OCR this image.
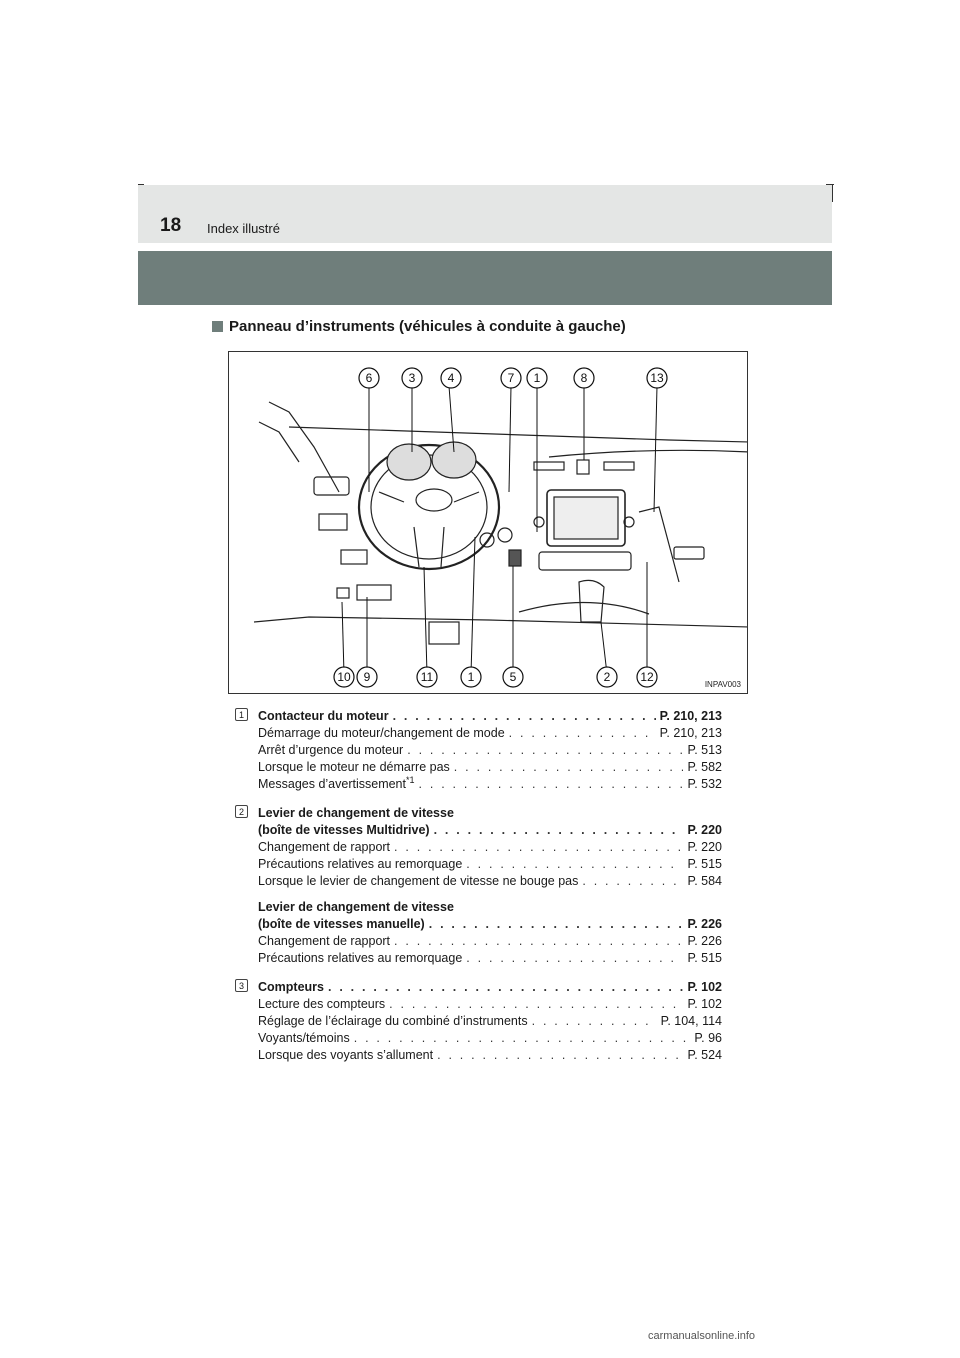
18 Index illustré
Panneau d’instruments (véhicules à conduite à gauche)
6	3	4	7 1	8	13
10 9	11	1	5	2 12
INPAV003
1	Contacteur du moteur . . .	P. 210, 213
Démarrage du moteur/changement de mode . . .	P. 210, 213
Arrêt d’urgence du moteur . . .	P. 513
Lorsque le moteur ne démarre pas . . .	P. 582
Messages d’avertissement$^{*1}$ . . .	P. 532
2	Levier de changement de vitesse
(boîte de vitesses Multidrive) . . .	P. 220
Changement de rapport . . .	P. 220
Précautions relatives au remorquage . . .	P. 515
Lorsque le levier de changement de vitesse ne bouge pas . . .	P. 584
Levier de changement de vitesse
(boîte de vitesses manuelle) . . .	P. 226
Changement de rapport . . .	P. 226
Précautions relatives au remorquage . . .	P. 515
3	Compteurs . . .	P. 102
Lecture des compteurs . . .	P. 102
Réglage de l’éclairage du combiné d’instruments . . .	P. 104, 114
Voyants/témoins . . .	P. 96
Lorsque des voyants s’allument . . .	P. 524
carmanualsonline.info
